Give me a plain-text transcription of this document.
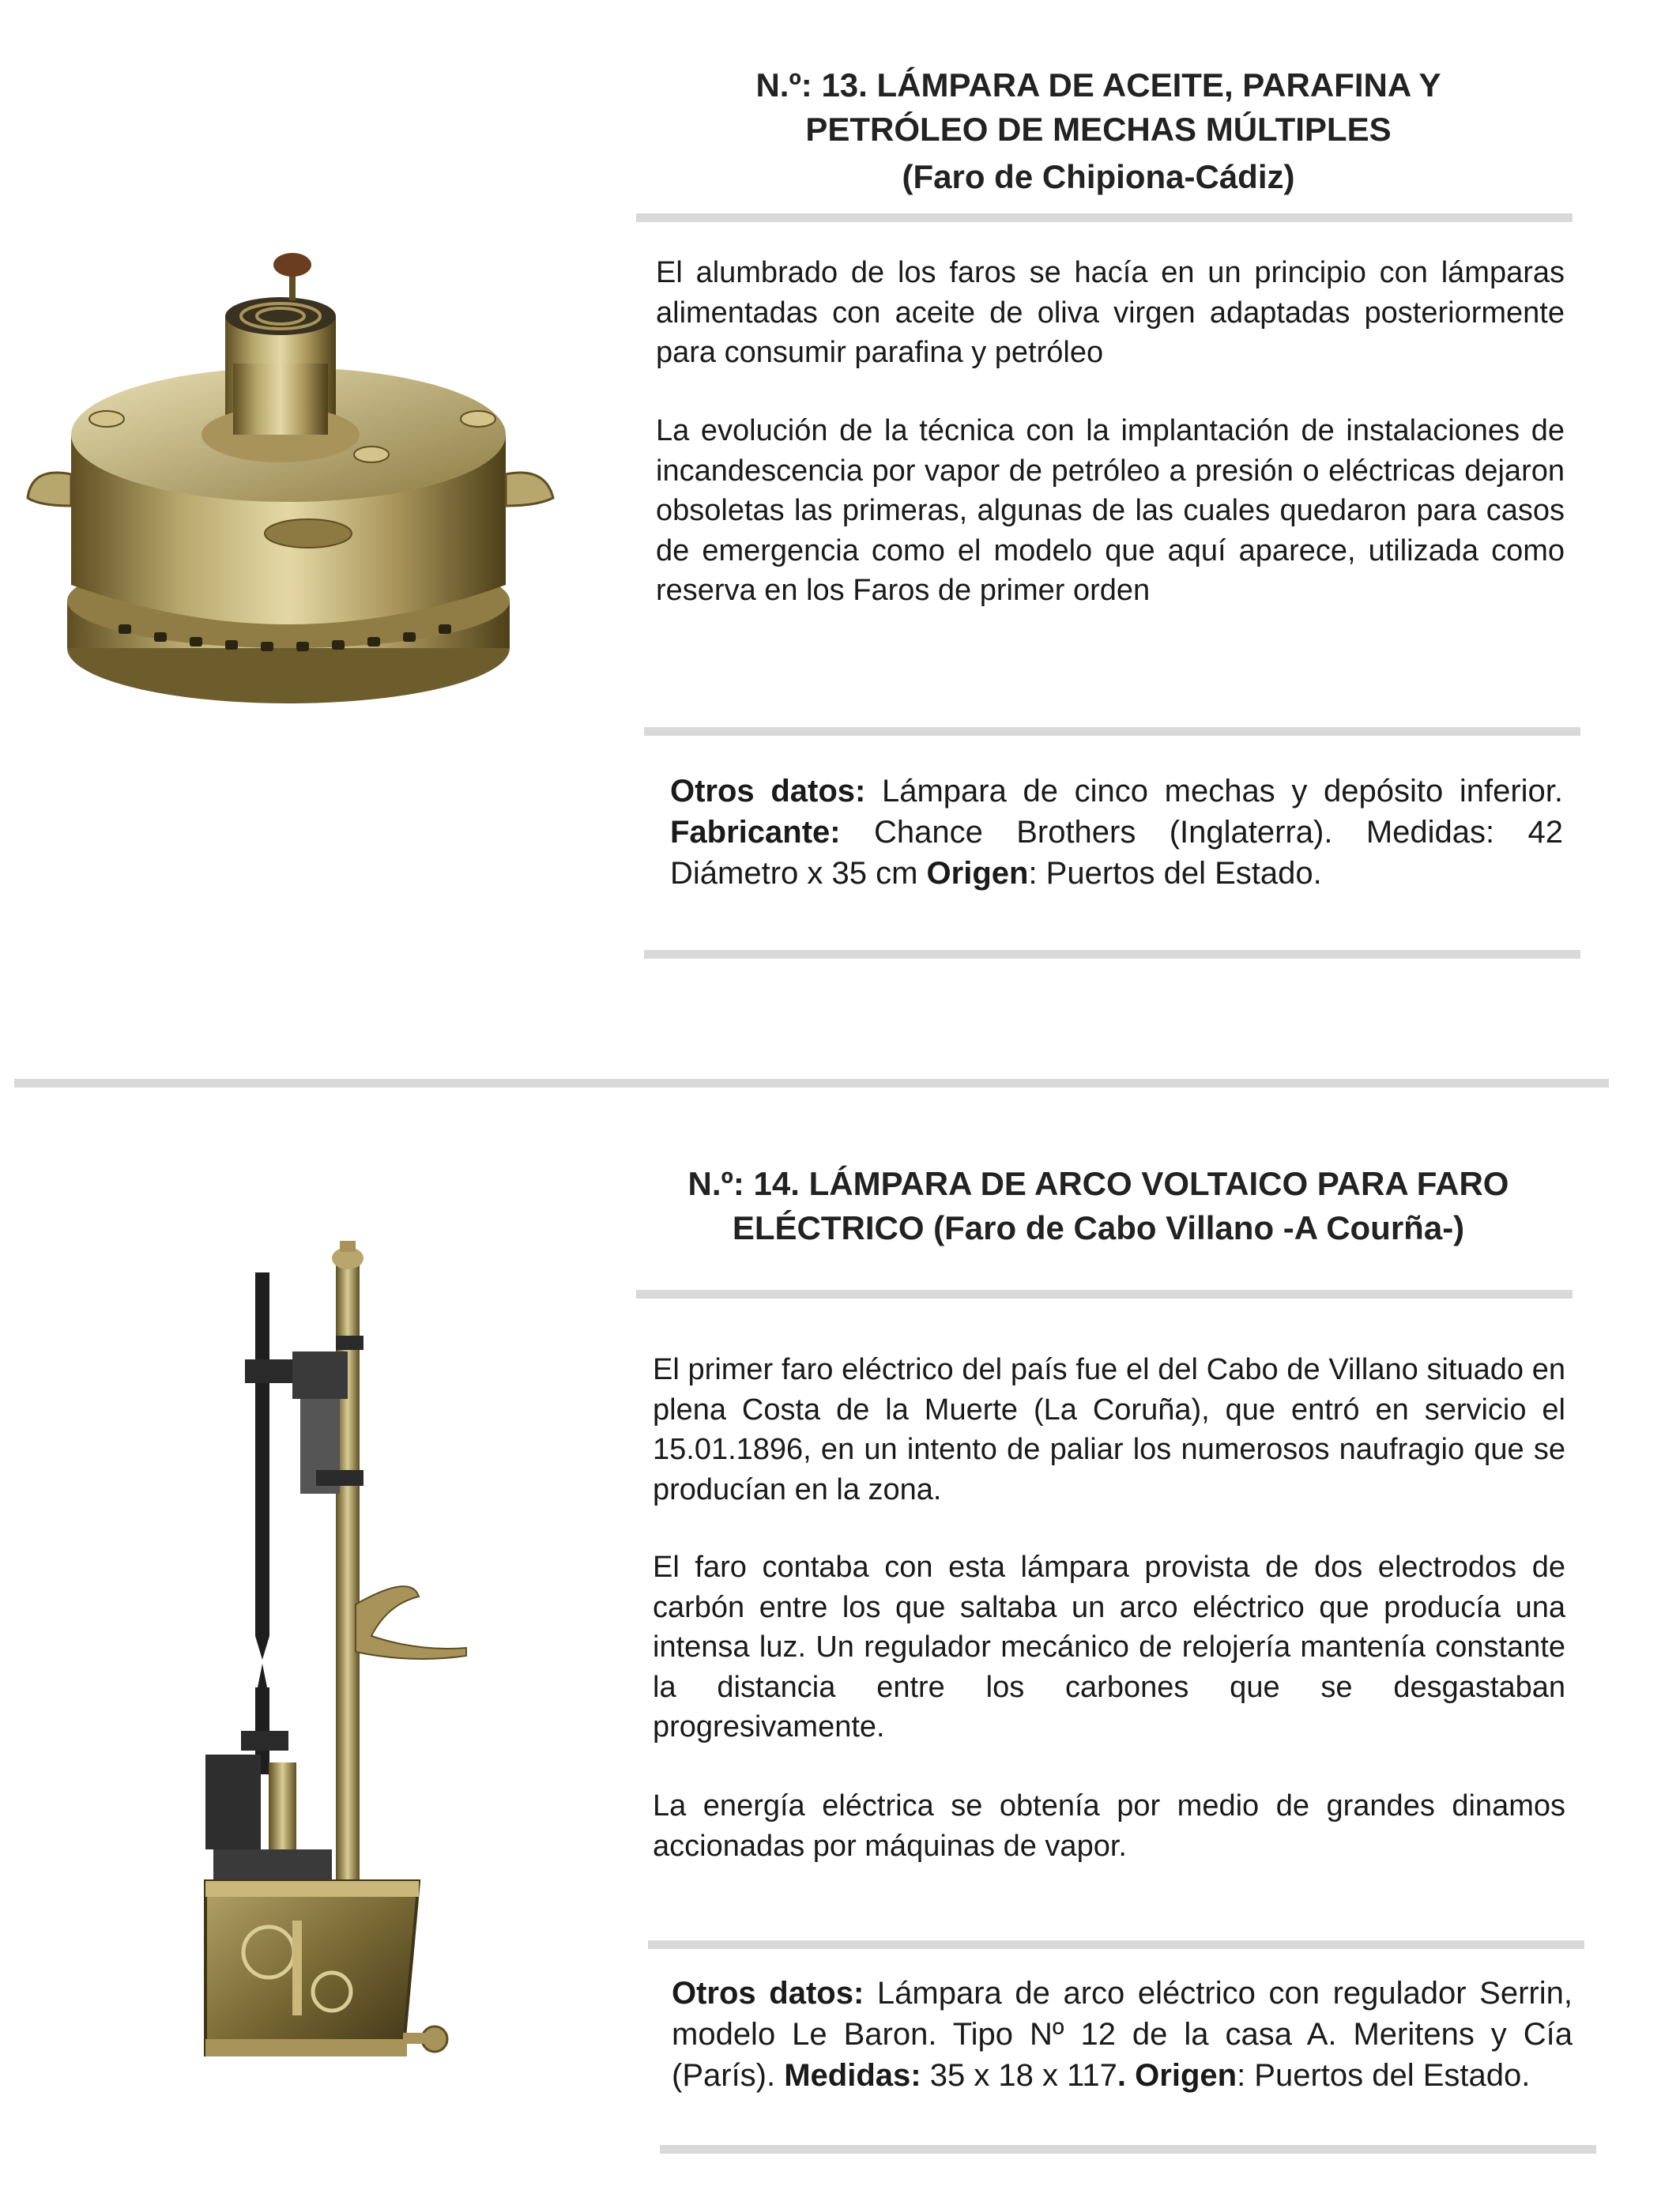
N.º: 13. LÁMPARA DE ACEITE, PARAFINA Y
PETRÓLEO DE MECHAS MÚLTIPLES
(Faro de Chipiona-Cádiz)
El alumbrado de los faros se hacía en un principio con lámparas alimentadas con aceite de oliva virgen adaptadas posteriormente para consumir parafina y petróleo
La evolución de la técnica con la implantación de instalaciones de incandescencia por vapor de petróleo a presión o eléctricas dejaron obsoletas las primeras, algunas de las cuales quedaron para casos de emergencia como el modelo que aquí aparece, utilizada como reserva en los Faros de primer orden
Otros datos: Lámpara de cinco mechas y depósito inferior. Fabricante: Chance Brothers (Inglaterra). Medidas: 42 Diámetro x 35 cm Origen: Puertos del Estado.
N.º: 14. LÁMPARA DE ARCO VOLTAICO PARA FARO
ELÉCTRICO (Faro de Cabo Villano -A Courña-)
El primer faro eléctrico del país fue el del Cabo de Villano situado en plena Costa de la Muerte (La Coruña), que entró en servicio el 15.01.1896, en un intento de paliar los numerosos naufragio que se producían en la zona.
El faro contaba con esta lámpara provista de dos electrodos de carbón entre los que saltaba un arco eléctrico que producía una intensa luz. Un regulador mecánico de relojería mantenía constante la distancia entre los carbones que se desgastaban progresivamente.
La energía eléctrica se obtenía por medio de grandes dinamos accionadas por máquinas de vapor.
Otros datos: Lámpara de arco eléctrico con regulador Serrin, modelo Le Baron. Tipo Nº 12 de la casa A. Meritens y Cía (París). Medidas: 35 x 18 x 117. Origen: Puertos del Estado.
